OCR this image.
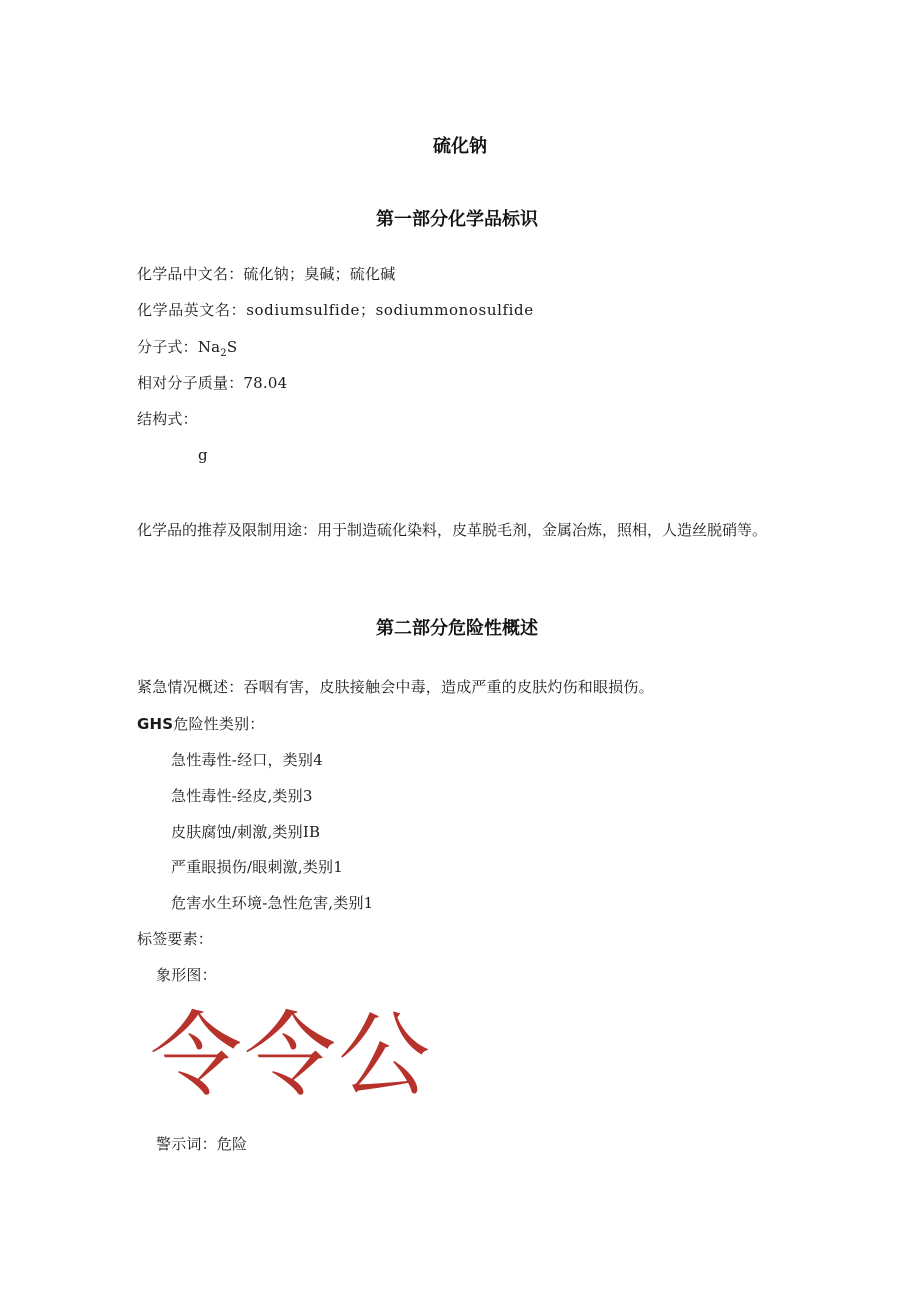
硫化钠
第一部分化学品标识
化学品中文名：硫化钠；臭碱；硫化碱
化学品英文名：sodiumsulfide；sodiummonosulfide
分子式：$Na_2S$
相对分子质量：78.04
结构式：
g
化学品的推荐及限制用途：用于制造硫化染料，皮革脱毛剂，金属冶炼，照相，人造丝脱硝等。
第二部分危险性概述
紧急情况概述：吞咽有害，皮肤接触会中毒，造成严重的皮肤灼伤和眼损伤。
GHS危险性类别：
急性毒性-经口，类别4
急性毒性-经皮,类别3
皮肤腐蚀/刺激,类别IB
严重眼损伤/眼刺激,类别1
危害水生环境-急性危害,类别1
标签要素：
象形图：
令 令 公
警示词：危险
